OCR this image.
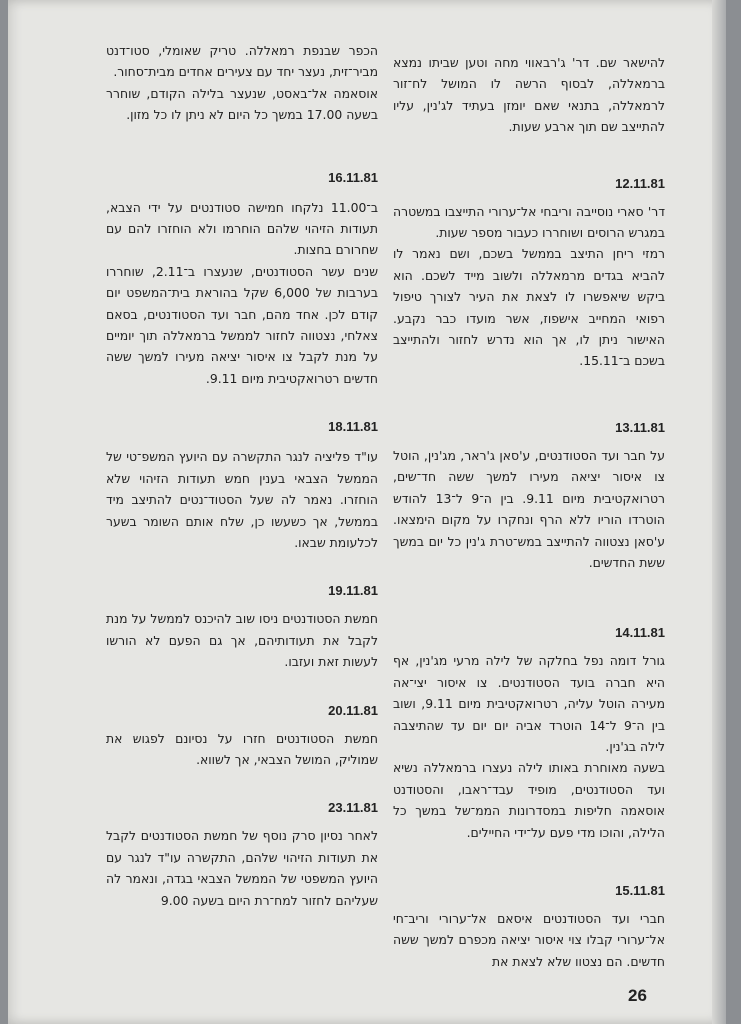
להישאר שם. דר' ג'רבאווי מחה וטען שביתו נמצא ברמאללה, לבסוף הרשה לו המושל לח־זור לרמאללה, בתנאי שאם יומזן בעתיד לג'נין, עליו להתייצב שם תוך ארבע שעות.

12.11.81

דר' סארי נוסייבה וריבחי אל־ערורי התייצבו במשטרה במגרש הרוסים ושוחררו כעבור מספר שעות.

רמזי ריחן התיצב בממשל בשכם, ושם נאמר לו להביא בגדים מרמאללה ולשוב מייד לשכם. הוא ביקש שיאפשרו לו לצאת את העיר לצורך טיפול רפואי המחייב אישפוז, אשר מועדו כבר נקבע. האישור ניתן לו, אך הוא נדרש לחזור ולהתייצב בשכם ב־15.11.

13.11.81

על חבר ועד הסטודנטים, ע'סאן ג'ראר, מג'נין, הוטל צו איסור יציאה מעירו למשך ששה חד־שים, רטרואקטיבית מיום 9.11. בין ה־9 ל־13 להודש הוטרדו הוריו ללא הרף ונחקרו על מקום הימצאו. ע'סאן נצטווה להתייצב במש־טרת ג'נין כל יום במשך ששת החדשים.

14.11.81

גורל דומה נפל בחלקה של לילה מרעי מג'נין, אף היא חברה בועד הסטודנטים. צו איסור יצי־אה מעירה הוטל עליה, רטרואקטיבית מיום 9.11, ושוב בין ה־9 ל־14 הוטרד אביה יום יום עד שהתיצבה לילה בג'נין.

בשעה מאוחרת באותו לילה נעצרו ברמאללה נשיא ועד הסטודנטים, מופיד עבד־ראבו, והסטודנט אוסאמה חליפות במסדרונות הממ־של במשך כל הלילה, והוכו מדי פעם על־ידי החיילים.

15.11.81

חברי ועד הסטודנטים איסאם אל־ערורי וריב־חי אל־ערורי קבלו צוי איסור יציאה מכפרם למשך ששה חדשים. הם נצטוו שלא לצאת את

הכפר שבנפת רמאללה. טריק שאומלי, סטו־דנט מביר־זית, נעצר יחד עם צעירים אחדים מבית־סחור.

אוסאמה אל־באסט, שנעצר בלילה הקודם, שוחרר בשעה 17.00 במשך כל היום לא ניתן לו כל מזון.

16.11.81

ב־11.00 נלקחו חמישה סטודנטים על ידי הצבא, תעודות הזיהוי שלהם הוחרמו ולא הוחזרו להם עם שחרורם בחצות.

שנים עשר הסטודנטים, שנעצרו ב־2.11, שוחררו בערבות של 6,000 שקל בהוראת בית־המשפט יום קודם לכן. אחד מהם, חבר ועד הסטודנטים, בסאם צאלחי, נצטווה לחזור לממשל ברמאללה תוך יומיים על מנת לקבל צו איסור יציאה מעירו למשך ששה חדשים רטרואקטיבית מיום 9.11.

18.11.81

עו"ד פליציה לנגר התקשרה עם היועץ המשפ־טי של הממשל הצבאי בענין חמש תעודות הזיהוי שלא הוחזרו. נאמר לה שעל הסטוד־נטים להתיצב מיד בממשל, אך כשעשו כן, שלח אותם השומר בשער לכלעומת שבאו.

19.11.81

חמשת הסטודנטים ניסו שוב להיכנס לממשל על מנת לקבל את תעודותיהם, אך גם הפעם לא הורשו לעשות זאת ועזבו.

20.11.81

חמשת הסטודנטים חזרו על נסיונם לפגוש את שמוליק, המושל הצבאי, אך לשווא.

23.11.81

לאחר נסיון סרק נוסף של חמשת הסטודנטים לקבל את תעודות הזיהוי שלהם, התקשרה עו"ד לנגר עם היועץ המשפטי של הממשל הצבאי בגדה, ונאמר לה שעליהם לחזור למח־רת היום בשעה 9.00

26
